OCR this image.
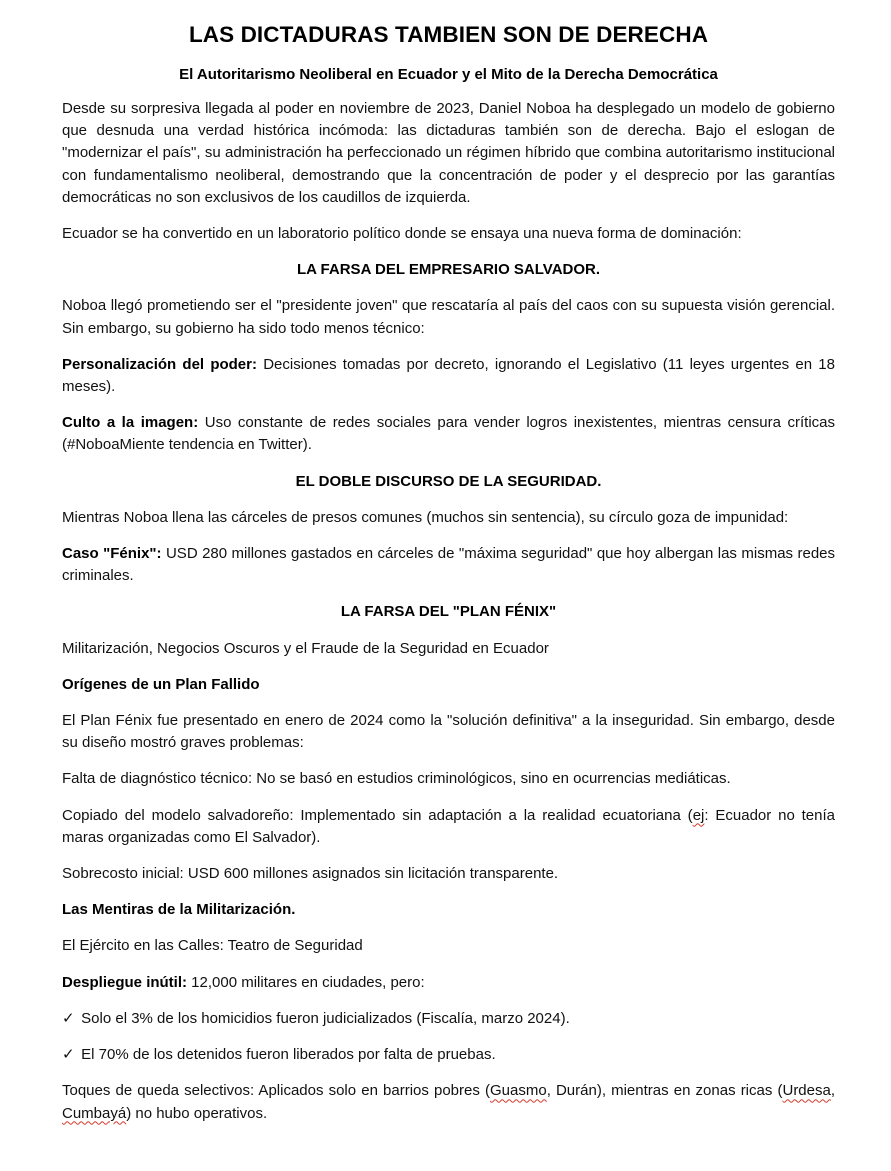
LAS DICTADURAS TAMBIEN SON DE DERECHA
El Autoritarismo Neoliberal en Ecuador y el Mito de la Derecha Democrática

Desde su sorpresiva llegada al poder en noviembre de 2023, Daniel Noboa ha desplegado un modelo de gobierno que desnuda una verdad histórica incómoda: las dictaduras también son de derecha. Bajo el eslogan de "modernizar el país", su administración ha perfeccionado un régimen híbrido que combina autoritarismo institucional con fundamentalismo neoliberal, demostrando que la concentración de poder y el desprecio por las garantías democráticas no son exclusivos de los caudillos de izquierda.

Ecuador se ha convertido en un laboratorio político donde se ensaya una nueva forma de dominación:

LA FARSA DEL EMPRESARIO SALVADOR.

Noboa llegó prometiendo ser el "presidente joven" que rescataría al país del caos con su supuesta visión gerencial. Sin embargo, su gobierno ha sido todo menos técnico:

Personalización del poder: Decisiones tomadas por decreto, ignorando el Legislativo (11 leyes urgentes en 18 meses).

Culto a la imagen: Uso constante de redes sociales para vender logros inexistentes, mientras censura críticas (#NoboaMiente tendencia en Twitter).

EL DOBLE DISCURSO DE LA SEGURIDAD.

Mientras Noboa llena las cárceles de presos comunes (muchos sin sentencia), su círculo goza de impunidad:

Caso "Fénix": USD 280 millones gastados en cárceles de "máxima seguridad" que hoy albergan las mismas redes criminales.

LA FARSA DEL "PLAN FÉNIX"

Militarización, Negocios Oscuros y el Fraude de la Seguridad en Ecuador

Orígenes de un Plan Fallido

El Plan Fénix fue presentado en enero de 2024 como la "solución definitiva" a la inseguridad. Sin embargo, desde su diseño mostró graves problemas:

Falta de diagnóstico técnico: No se basó en estudios criminológicos, sino en ocurrencias mediáticas.

Copiado del modelo salvadoreño: Implementado sin adaptación a la realidad ecuatoriana (ej: Ecuador no tenía maras organizadas como El Salvador).

Sobrecosto inicial: USD 600 millones asignados sin licitación transparente.

Las Mentiras de la Militarización.

El Ejército en las Calles: Teatro de Seguridad

Despliegue inútil: 12,000 militares en ciudades, pero:

✓ Solo el 3% de los homicidios fueron judicializados (Fiscalía, marzo 2024).

✓ El 70% de los detenidos fueron liberados por falta de pruebas.

Toques de queda selectivos: Aplicados solo en barrios pobres (Guasmo, Durán), mientras en zonas ricas (Urdesa, Cumbayá) no hubo operativos.
